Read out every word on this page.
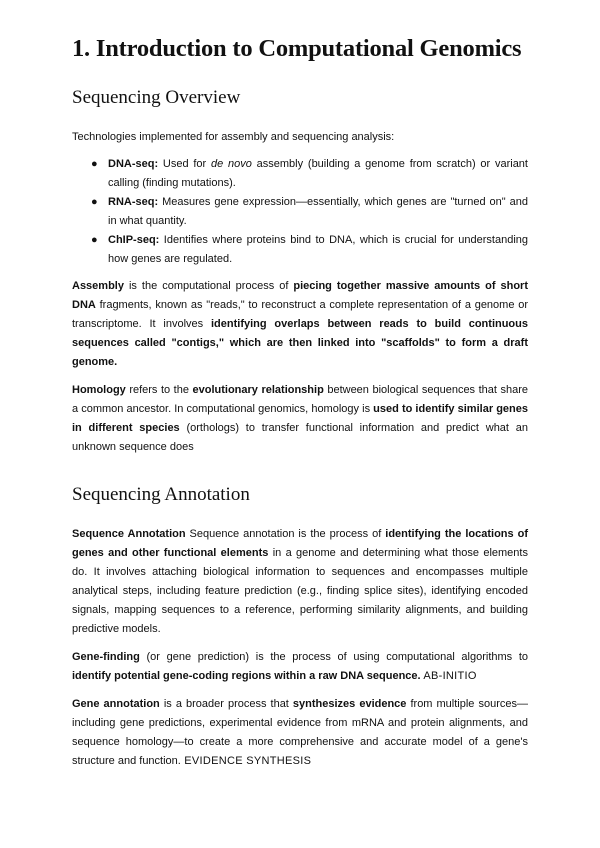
1. Introduction to Computational Genomics
Sequencing Overview

Technologies implemented for assembly and sequencing analysis:

● DNA-seq: Used for de novo assembly (building a genome from scratch) or variant calling (finding mutations).
● RNA-seq: Measures gene expression—essentially, which genes are "turned on" and in what quantity.
● ChIP-seq: Identifies where proteins bind to DNA, which is crucial for understanding how genes are regulated.

Assembly is the computational process of piecing together massive amounts of short DNA fragments, known as "reads," to reconstruct a complete representation of a genome or transcriptome. It involves identifying overlaps between reads to build continuous sequences called "contigs," which are then linked into "scaffolds" to form a draft genome.

Homology refers to the evolutionary relationship between biological sequences that share a common ancestor. In computational genomics, homology is used to identify similar genes in different species (orthologs) to transfer functional information and predict what an unknown sequence does

Sequencing Annotation

Sequence Annotation Sequence annotation is the process of identifying the locations of genes and other functional elements in a genome and determining what those elements do. It involves attaching biological information to sequences and encompasses multiple analytical steps, including feature prediction (e.g., finding splice sites), identifying encoded signals, mapping sequences to a reference, performing similarity alignments, and building predictive models.

Gene-finding (or gene prediction) is the process of using computational algorithms to identify potential gene-coding regions within a raw DNA sequence. AB-INITIO

Gene annotation is a broader process that synthesizes evidence from multiple sources—including gene predictions, experimental evidence from mRNA and protein alignments, and sequence homology—to create a more comprehensive and accurate model of a gene's structure and function. EVIDENCE SYNTHESIS
